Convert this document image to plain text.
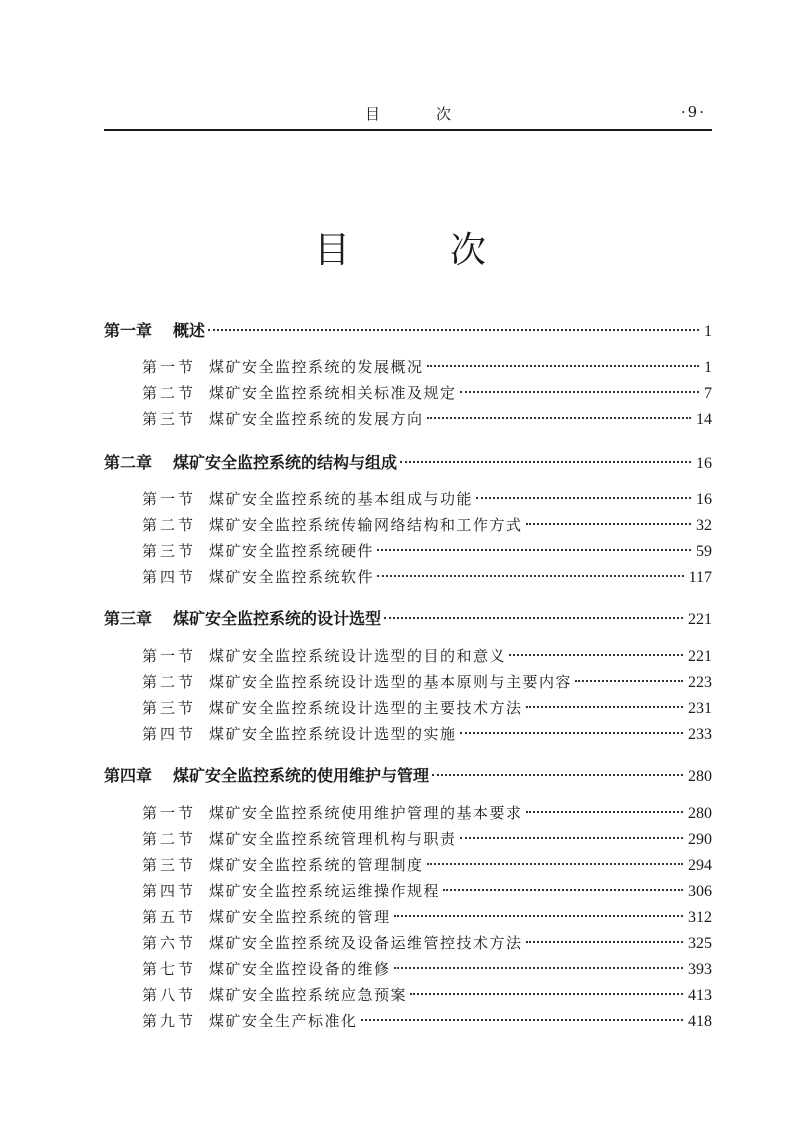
目次	·9·
目次
第一章	概述	1
第一节 煤矿安全监控系统的发展概况	1
第二节 煤矿安全监控系统相关标准及规定	7
第三节 煤矿安全监控系统的发展方向	14
第二章	煤矿安全监控系统的结构与组成	16
第一节 煤矿安全监控系统的基本组成与功能	16
第二节 煤矿安全监控系统传输网络结构和工作方式	32
第三节 煤矿安全监控系统硬件	59
第四节 煤矿安全监控系统软件	117
第三章	煤矿安全监控系统的设计选型	221
第一节 煤矿安全监控系统设计选型的目的和意义	221
第二节 煤矿安全监控系统设计选型的基本原则与主要内容	223
第三节 煤矿安全监控系统设计选型的主要技术方法	231
第四节 煤矿安全监控系统设计选型的实施	233
第四章	煤矿安全监控系统的使用维护与管理	280
第一节 煤矿安全监控系统使用维护管理的基本要求	280
第二节 煤矿安全监控系统管理机构与职责	290
第三节 煤矿安全监控系统的管理制度	294
第四节 煤矿安全监控系统运维操作规程	306
第五节 煤矿安全监控系统的管理	312
第六节 煤矿安全监控系统及设备运维管控技术方法	325
第七节 煤矿安全监控设备的维修	393
第八节 煤矿安全监控系统应急预案	413
第九节 煤矿安全生产标准化	418
